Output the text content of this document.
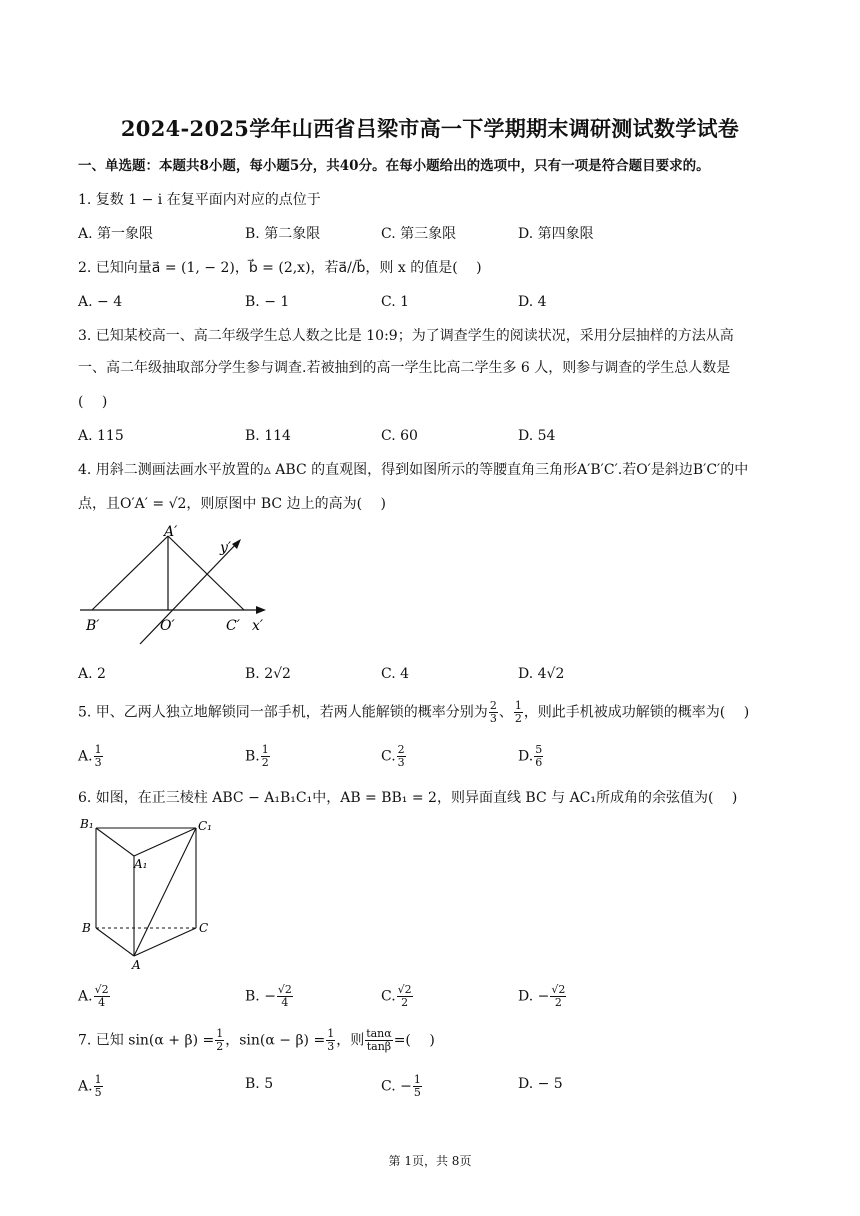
2024-2025学年山西省吕梁市高一下学期期末调研测试数学试卷
一、单选题：本题共8小题，每小题5分，共40分。在每小题给出的选项中，只有一项是符合题目要求的。
1. 复数 1 − i 在复平面内对应的点位于
A. 第一象限	B. 第二象限	C. 第三象限	D. 第四象限
2. 已知向量a⃗ = (1, − 2)，b⃗ = (2,x)，若a⃗//b⃗，则 x 的值是(　 )
A. − 4	B. − 1	C. 1	D. 4
3. 已知某校高一、高二年级学生总人数之比是 10:9；为了调查学生的阅读状况，采用分层抽样的方法从高
一、高二年级抽取部分学生参与调查.若被抽到的高一学生比高二学生多 6 人，则参与调查的学生总人数是
(　 )
A. 115	B. 114	C. 60	D. 54
4. 用斜二测画法画水平放置的▵ ABC 的直观图，得到如图所示的等腰直角三角形A′B′C′.若O′是斜边B′C′的中
点，且O′A′ = √2，则原图中 BC 边上的高为(　 )
A′
B′	O′	C′ x′
y′
A. 2	B. 2√2	C. 4	D. 4√2
5. 甲、乙两人独立地解锁同一部手机，若两人能解锁的概率分别为 $\frac{2}{3}$ 、 $\frac{1}{2}$ ，则此手机被成功解锁的概率为(　 )
A. $\frac{1}{3}$	B. $\frac{1}{2}$	C. $\frac{2}{3}$	D. $\frac{5}{6}$
6. 如图，在正三棱柱 ABC − A₁B₁C₁中，AB = BB₁ = 2，则异面直线 BC 与 AC₁所成角的余弦值为(　 )
B₁	C₁
A₁
B	C
A
A. $\frac{√2}{4}$	B. − $\frac{√2}{4}$	C. $\frac{√2}{2}$	D. − $\frac{√2}{2}$
7. 已知 $\sin(\alpha + \beta) = \frac{1}{2}$ ，$\sin(\alpha - \beta) = \frac{1}{3}$ ，则 $\frac{\tan\alpha}{\tan\beta}$ =(　 )
A. $\frac{1}{5}$	B. 5	C. − $\frac{1}{5}$	D. − 5
第 1页，共 8页
